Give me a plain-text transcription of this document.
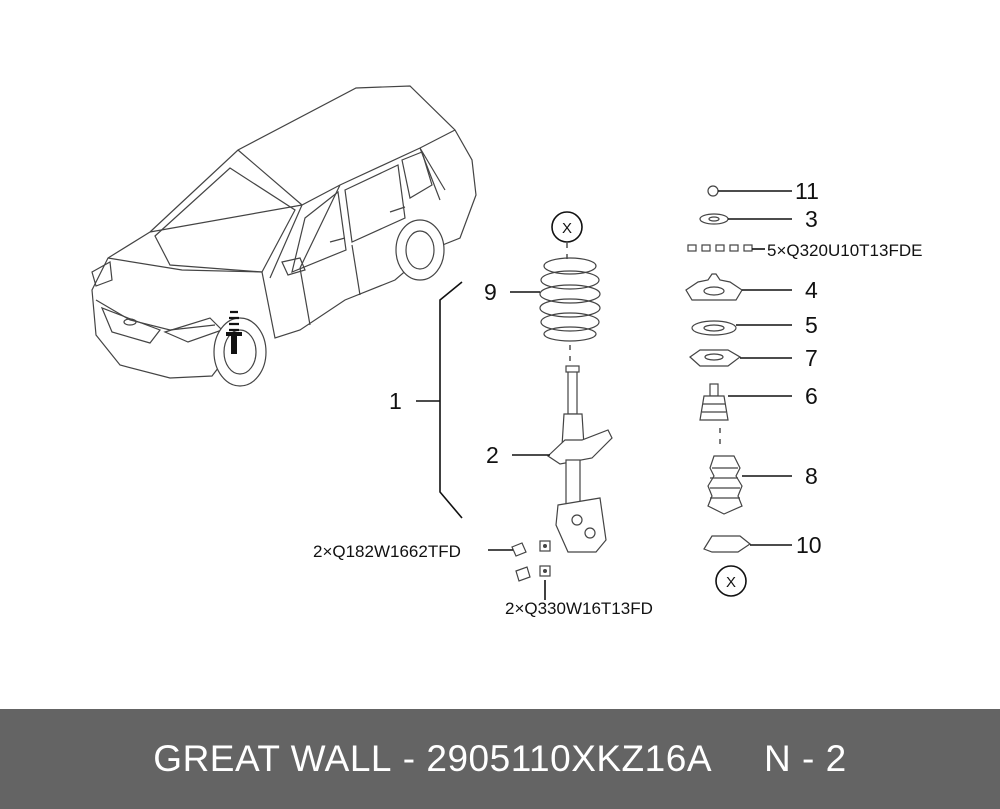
X
X
9
1
2
11
3
4
5
7
6
8
10
5×Q320U10T13FDE
2×Q182W1662TFD
2×Q330W16T13FD
GREAT WALL - 2905110XKZ16A N - 2
